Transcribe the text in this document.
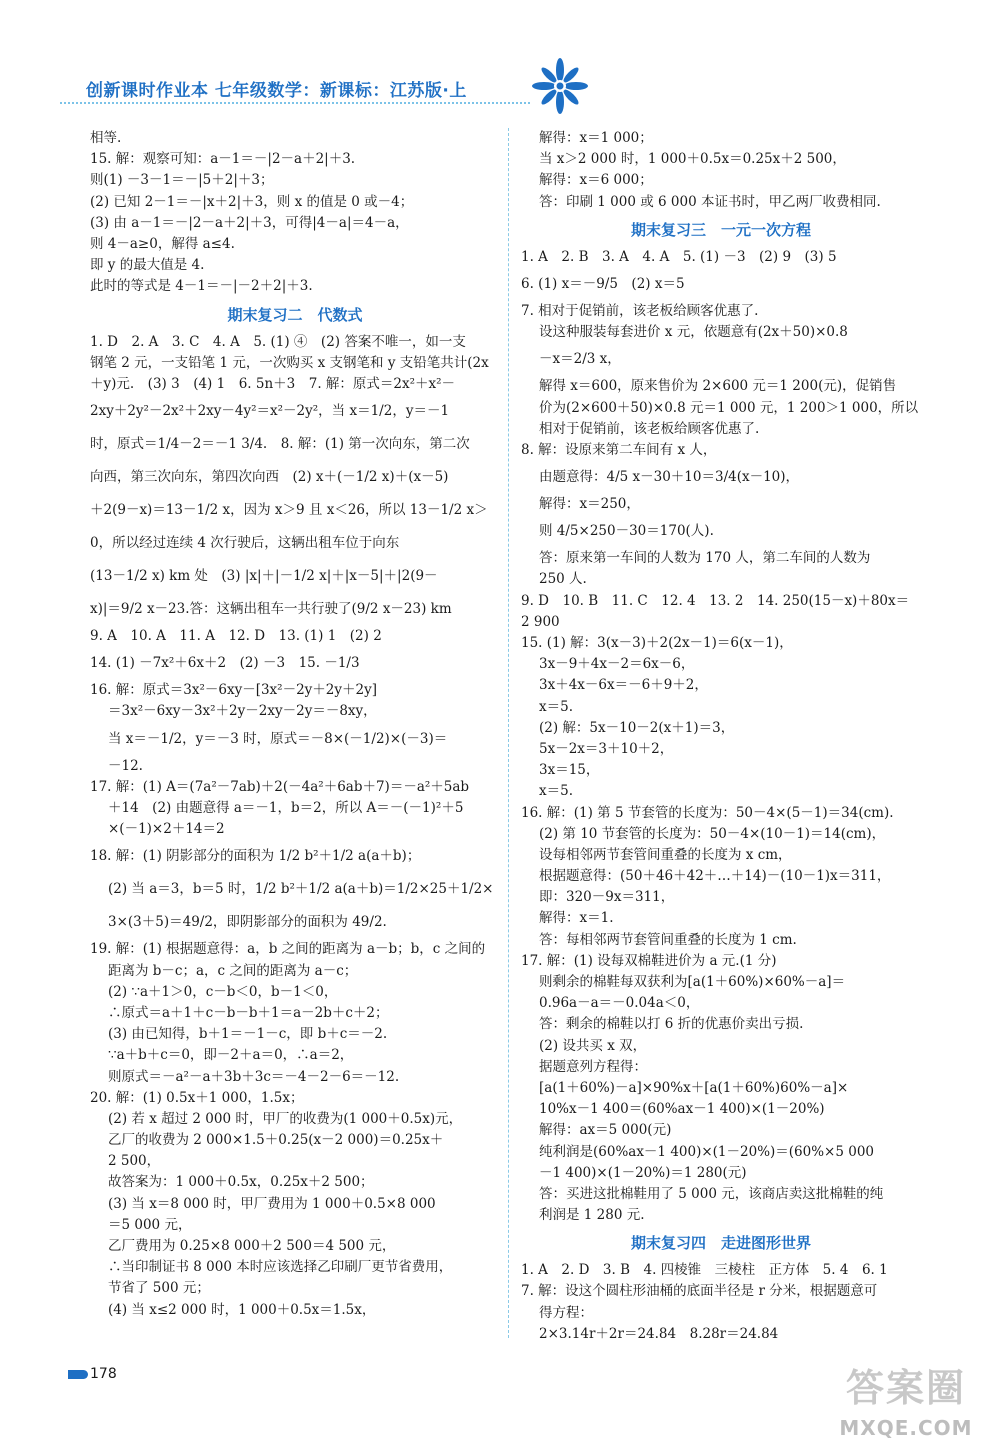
创新课时作业本 七年级数学：新课标：江苏版·上
相等.
15. 解：观察可知：a－1＝－|2－a＋2|＋3.
则(1) －3－1＝－|5＋2|＋3；
(2) 已知 2－1＝－|x＋2|＋3，则 x 的值是 0 或－4；
(3) 由 a－1＝－|2－a＋2|＋3，可得|4－a|＝4－a，
则 4－a≥0，解得 a≤4.
即 y 的最大值是 4.
此时的等式是 4－1＝－|－2＋2|＋3.
期末复习二　代数式
1. D　2. A　3. C　4. A　5. (1) ④　(2) 答案不唯一，如一支
钢笔 2 元，一支铅笔 1 元，一次购买 x 支钢笔和 y 支铅笔共计(2x
＋y)元.　(3) 3　(4) 1　6. 5n＋3　7. 解：原式＝2x²＋x²－
2xy＋2y²－2x²＋2xy－4y²＝x²－2y²，当 x＝1/2，y＝－1
时，原式＝1/4－2＝－1 3/4.　8. 解：(1) 第一次向东，第二次
向西，第三次向东，第四次向西　(2) x＋(－1/2 x)＋(x－5)
＋2(9－x)＝13－1/2 x，因为 x＞9 且 x＜26，所以 13－1/2 x＞
0，所以经过连续 4 次行驶后，这辆出租车位于向东
(13－1/2 x) km 处　(3) |x|＋|－1/2 x|＋|x－5|＋|2(9－
x)|＝9/2 x－23.答：这辆出租车一共行驶了(9/2 x－23) km
9. A　10. A　11. A　12. D　13. (1) 1　(2) 2
14. (1) －7x²＋6x＋2　(2) －3　15. －1/3
16. 解：原式＝3x²－6xy－[3x²－2y＋2y＋2y]
＝3x²－6xy－3x²＋2y－2xy－2y＝－8xy，
当 x＝－1/2，y＝－3 时，原式＝－8×(－1/2)×(－3)＝
－12.
17. 解：(1) A＝(7a²－7ab)＋2(－4a²＋6ab＋7)＝－a²＋5ab
＋14　(2) 由题意得 a＝－1，b＝2，所以 A＝－(－1)²＋5
×(－1)×2＋14＝2
18. 解：(1) 阴影部分的面积为 1/2 b²＋1/2 a(a＋b)；
(2) 当 a＝3，b＝5 时，1/2 b²＋1/2 a(a＋b)＝1/2×25＋1/2×
3×(3＋5)＝49/2，即阴影部分的面积为 49/2.
19. 解：(1) 根据题意得：a，b 之间的距离为 a－b；b，c 之间的
距离为 b－c；a，c 之间的距离为 a－c；
(2) ∵a＋1＞0，c－b＜0，b－1＜0，
∴原式＝a＋1＋c－b－b＋1＝a－2b＋c＋2；
(3) 由已知得，b＋1＝－1－c，即 b＋c＝－2.
∵a＋b＋c＝0，即－2＋a＝0，∴a＝2，
则原式＝－a²－a＋3b＋3c＝－4－2－6＝－12.
20. 解：(1) 0.5x＋1 000，1.5x；
(2) 若 x 超过 2 000 时，甲厂的收费为(1 000＋0.5x)元，
乙厂的收费为 2 000×1.5＋0.25(x－2 000)＝0.25x＋
2 500，
故答案为：1 000＋0.5x，0.25x＋2 500；
(3) 当 x＝8 000 时，甲厂费用为 1 000＋0.5×8 000
＝5 000 元，
乙厂费用为 0.25×8 000＋2 500＝4 500 元，
∴当印制证书 8 000 本时应该选择乙印刷厂更节省费用，
节省了 500 元；
(4) 当 x≤2 000 时，1 000＋0.5x＝1.5x，
解得：x＝1 000；
当 x＞2 000 时，1 000＋0.5x＝0.25x＋2 500，
解得：x＝6 000；
答：印刷 1 000 或 6 000 本证书时，甲乙两厂收费相同.
期末复习三　一元一次方程
1. A　2. B　3. A　4. A　5. (1) －3　(2) 9　(3) 5
6. (1) x＝－9/5　(2) x＝5
7. 相对于促销前，该老板给顾客优惠了.
设这种服装每套进价 x 元，依题意有(2x＋50)×0.8
－x＝2/3 x，
解得 x＝600，原来售价为 2×600 元＝1 200(元)，促销售
价为(2×600＋50)×0.8 元＝1 000 元，1 200＞1 000，所以
相对于促销前，该老板给顾客优惠了.
8. 解：设原来第二车间有 x 人，
由题意得：4/5 x－30＋10＝3/4(x－10)，
解得：x＝250，
则 4/5×250－30＝170(人).
答：原来第一车间的人数为 170 人，第二车间的人数为
250 人.
9. D　10. B　11. C　12. 4　13. 2　14. 250(15－x)＋80x＝
2 900
15. (1) 解：3(x－3)＋2(2x－1)＝6(x－1)，
3x－9＋4x－2＝6x－6，
3x＋4x－6x＝－6＋9＋2，
x＝5.
(2) 解：5x－10－2(x＋1)＝3，
5x－2x＝3＋10＋2，
3x＝15，
x＝5.
16. 解：(1) 第 5 节套管的长度为：50－4×(5－1)＝34(cm).
(2) 第 10 节套管的长度为：50－4×(10－1)＝14(cm)，
设每相邻两节套管间重叠的长度为 x cm，
根据题意得：(50＋46＋42＋…＋14)－(10－1)x＝311，
即：320－9x＝311，
解得：x＝1.
答：每相邻两节套管间重叠的长度为 1 cm.
17. 解：(1) 设每双棉鞋进价为 a 元.(1 分)
则剩余的棉鞋每双获利为[a(1＋60%)×60%－a]＝
0.96a－a＝－0.04a＜0，
答：剩余的棉鞋以打 6 折的优惠价卖出亏损.
(2) 设共买 x 双，
据题意列方程得：
[a(1＋60%)－a]×90%x＋[a(1＋60%)60%－a]×
10%x－1 400＝(60%ax－1 400)×(1－20%)
解得：ax＝5 000(元)
纯利润是(60%ax－1 400)×(1－20%)＝(60%×5 000
－1 400)×(1－20%)＝1 280(元)
答：买进这批棉鞋用了 5 000 元，该商店卖这批棉鞋的纯
利润是 1 280 元.
期末复习四　走进图形世界
1. A　2. D　3. B　4. 四棱锥　三棱柱　正方体　5. 4　6. 1
7. 解：设这个圆柱形油桶的底面半径是 r 分米，根据题意可
得方程：
2×3.14r＋2r＝24.84　8.28r＝24.84
178	答案圈
MXQE.COM
